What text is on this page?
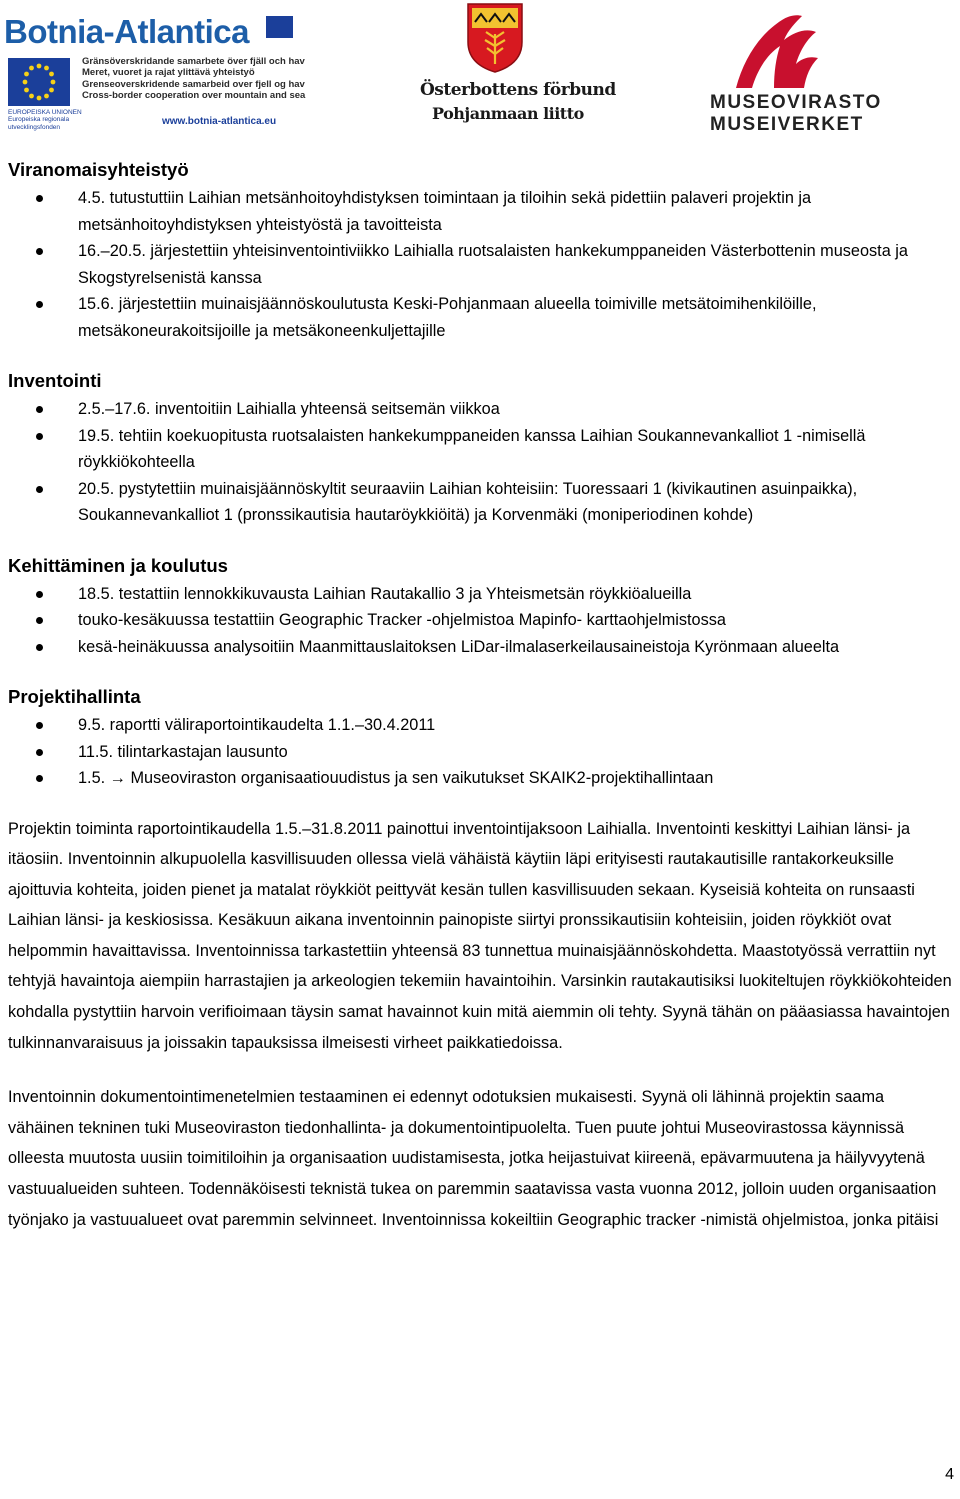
Botnia-Atlantica
Gränsöverskridande samarbete över fjäll och hav
Meret, vuoret ja rajat ylittävä yhteistyö
Grenseoverskridende samarbeid over fjell og hav
Cross-border cooperation over mountain and sea
EUROPEISKA UNIONEN
Europeiska regionala
utvecklingsfonden
www.botnia-atlantica.eu
Österbottens förbund
Pohjanmaan liitto
MUSEOVIRASTO
MUSEIVERKET
Viranomaisyhteistyö
4.5. tutustuttiin Laihian metsänhoitoyhdistyksen toimintaan ja tiloihin sekä pidettiin palaveri projektin ja metsänhoitoyhdistyksen yhteistyöstä ja tavoitteista
16.–20.5. järjestettiin yhteisinventointiviikko Laihialla ruotsalaisten hankekumppaneiden Västerbottenin museosta ja Skogstyrelsenistä kanssa
15.6. järjestettiin muinaisjäännöskoulutusta Keski-Pohjanmaan alueella toimiville metsätoimihenkilöille, metsäkoneurakoitsijoille ja metsäkoneenkuljettajille
Inventointi
2.5.–17.6. inventoitiin Laihialla yhteensä seitsemän viikkoa
19.5. tehtiin koekuopitusta ruotsalaisten hankekumppaneiden kanssa Laihian Soukannevankalliot 1 -nimisellä röykkiökohteella
20.5. pystytettiin muinaisjäännöskyltit seuraaviin Laihian kohteisiin: Tuoressaari 1 (kivikautinen asuinpaikka), Soukannevankalliot 1 (pronssikautisia hautaröykkiöitä) ja Korvenmäki (moniperiodinen kohde)
Kehittäminen ja koulutus
18.5. testattiin lennokkikuvausta Laihian Rautakallio 3 ja Yhteismetsän röykkiöalueilla
touko-kesäkuussa testattiin Geographic Tracker -ohjelmistoa Mapinfo- karttaohjelmistossa
kesä-heinäkuussa analysoitiin Maanmittauslaitoksen LiDar-ilmalaserkeilausaineistoja Kyrönmaan alueelta
Projektihallinta
9.5. raportti väliraportointikaudelta 1.1.–30.4.2011
11.5. tilintarkastajan lausunto
1.5. → Museoviraston organisaatiouudistus ja sen vaikutukset SKAIK2-projektihallintaan

Projektin toiminta raportointikaudella 1.5.–31.8.2011 painottui inventointijaksoon Laihialla. Inventointi keskittyi Laihian länsi- ja itäosiin. Inventoinnin alkupuolella kasvillisuuden ollessa vielä vähäistä käytiin läpi erityisesti rautakautisille rantakorkeuksille ajoittuvia kohteita, joiden pienet ja matalat röykkiöt peittyvät kesän tullen kasvillisuuden sekaan. Kyseisiä kohteita on runsaasti Laihian länsi- ja keskiosissa. Kesäkuun aikana inventoinnin painopiste siirtyi pronssikautisiin kohteisiin, joiden röykkiöt ovat helpommin havaittavissa. Inventoinnissa tarkastettiin yhteensä 83 tunnettua muinaisjäännöskohdetta. Maastotyössä verrattiin nyt tehtyjä havaintoja aiempiin harrastajien ja arkeologien tekemiin havaintoihin. Varsinkin rautakautisiksi luokiteltujen röykkiökohteiden kohdalla pystyttiin harvoin verifioimaan täysin samat havainnot kuin mitä aiemmin oli tehty. Syynä tähän on pääasiassa havaintojen tulkinnanvaraisuus ja joissakin tapauksissa ilmeisesti virheet paikkatiedoissa.

Inventoinnin dokumentointimenetelmien testaaminen ei edennyt odotuksien mukaisesti. Syynä oli lähinnä projektin saama vähäinen tekninen tuki Museoviraston tiedonhallinta- ja dokumentointipuolelta. Tuen puute johtui Museovirastossa käynnissä olleesta muutosta uusiin toimitiloihin ja organisaation uudistamisesta, jotka heijastuivat kiireenä, epävarmuutena ja häilyvyytenä vastuualueiden suhteen. Todennäköisesti teknistä tukea on paremmin saatavissa vasta vuonna 2012, jolloin uuden organisaation työnjako ja vastuualueet ovat paremmin selvinneet. Inventoinnissa kokeiltiin Geographic tracker -nimistä ohjelmistoa, jonka pitäisi

4
